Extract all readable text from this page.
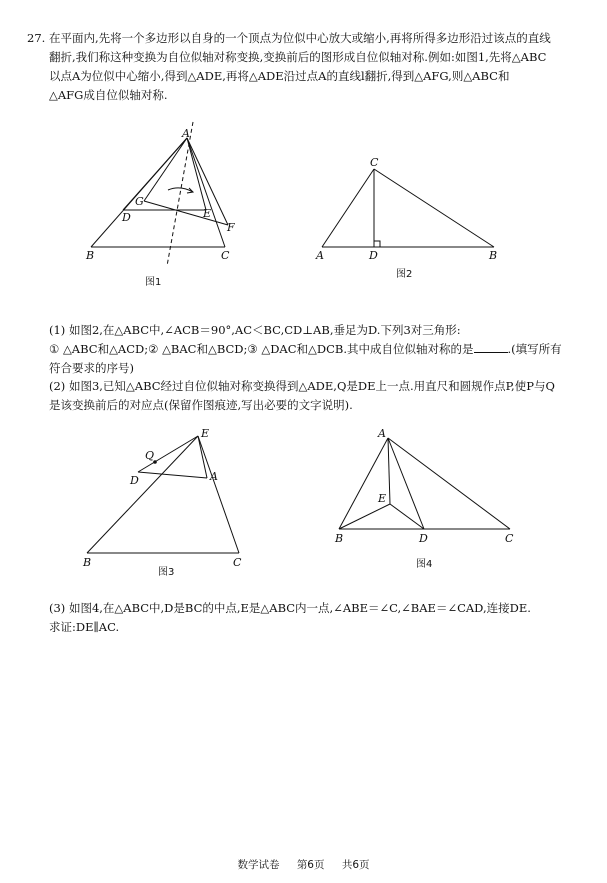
27. 在平面内,先将一个多边形以自身的一个顶点为位似中心放大或缩小,再将所得多边形沿过该点的直线
翻折,我们称这种变换为自位似轴对称变换,变换前后的图形成自位似轴对称.例如:如图1,先将△ABC
以点A为位似中心缩小,得到△ADE,再将△ADE沿过点A的直线l翻折,得到△AFG,则△ABC和
△AFG成自位似轴对称.
A
B	C
D	E
F
G
图1
C
A	D	B
图2
E
Q
D	A
B	C
图3
A
E
B	D	C
图4
(1) 如图2,在△ABC中,∠ACB＝90°,AC＜BC,CD⊥AB,垂足为D.下列3对三角形:
① △ABC和△ACD;② △BAC和△BCD;③ △DAC和△DCB.其中成自位似轴对称的是	.(填写所有
符合要求的序号)
(2) 如图3,已知△ABC经过自位似轴对称变换得到△ADE,Q是DE上一点.用直尺和圆规作点P,使P与Q
是该变换前后的对应点(保留作图痕迹,写出必要的文字说明).
(3) 如图4,在△ABC中,D是BC的中点,E是△ABC内一点,∠ABE＝∠C,∠BAE＝∠CAD,连接DE.
求证:DE∥AC.
数学试卷 第6页 共6页
